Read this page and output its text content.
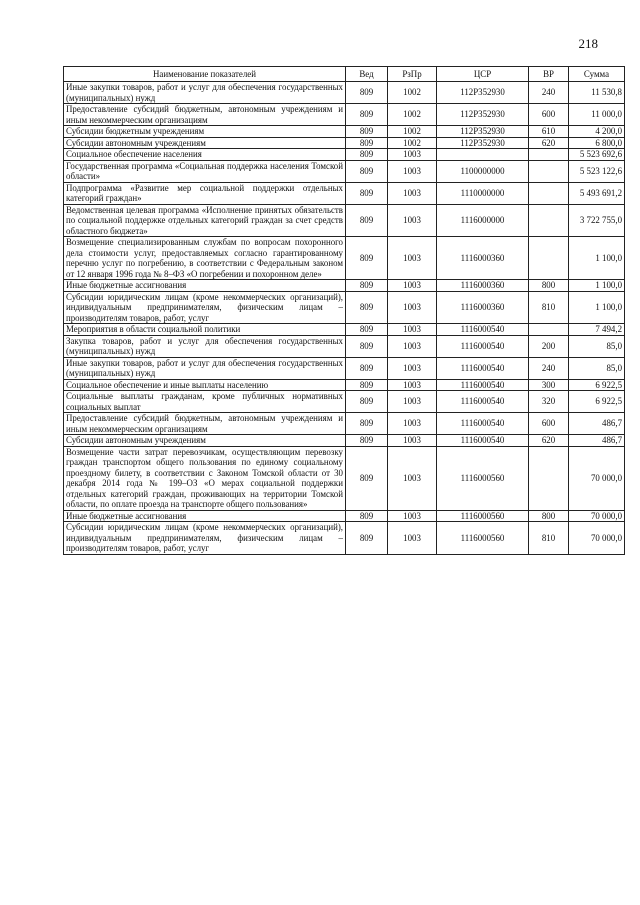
218
Наименование показателей	Вед	РзПр	ЦСР	ВР	Сумма
Иные закупки товаров, работ и услуг для обеспечения государственных (муниципальных) нужд	809	1002	112P352930	240	11 530,8
Предоставление субсидий бюджетным, автономным учреждениям и иным некоммерческим организациям	809	1002	112P352930	600	11 000,0
Субсидии бюджетным учреждениям	809	1002	112P352930	610	4 200,0
Субсидии автономным учреждениям	809	1002	112P352930	620	6 800,0
Социальное обеспечение населения	809	1003			5 523 692,6
Государственная программа «Социальная поддержка населения Томской области»	809	1003	1100000000		5 523 122,6
Подпрограмма «Развитие мер социальной поддержки отдельных категорий граждан»	809	1003	1110000000		5 493 691,2
Ведомственная целевая программа «Исполнение принятых обязательств по социальной поддержке отдельных категорий граждан за счет средств областного бюджета»	809	1003	1116000000		3 722 755,0
Возмещение специализированным службам по вопросам похоронного дела стоимости услуг, предоставляемых согласно гарантированному перечню услуг по погребению, в соответствии с Федеральным законом от 12 января 1996 года № 8–ФЗ «О погребении и похоронном деле»	809	1003	1116000360		1 100,0
Иные бюджетные ассигнования	809	1003	1116000360	800	1 100,0
Субсидии юридическим лицам (кроме некоммерческих организаций), индивидуальным предпринимателям, физическим лицам – производителям товаров, работ, услуг	809	1003	1116000360	810	1 100,0
Мероприятия в области социальной политики	809	1003	1116000540		7 494,2
Закупка товаров, работ и услуг для обеспечения государственных (муниципальных) нужд	809	1003	1116000540	200	85,0
Иные закупки товаров, работ и услуг для обеспечения государственных (муниципальных) нужд	809	1003	1116000540	240	85,0
Социальное обеспечение и иные выплаты населению	809	1003	1116000540	300	6 922,5
Социальные выплаты гражданам, кроме публичных нормативных социальных выплат	809	1003	1116000540	320	6 922,5
Предоставление субсидий бюджетным, автономным учреждениям и иным некоммерческим организациям	809	1003	1116000540	600	486,7
Субсидии автономным учреждениям	809	1003	1116000540	620	486,7
Возмещение части затрат перевозчикам, осуществляющим перевозку граждан транспортом общего пользования по единому социальному проездному билету, в соответствии с Законом Томской области от 30 декабря 2014 года № 199–ОЗ «О мерах социальной поддержки отдельных категорий граждан, проживающих на территории Томской области, по оплате проезда на транспорте общего пользования»	809	1003	1116000560		70 000,0
Иные бюджетные ассигнования	809	1003	1116000560	800	70 000,0
Субсидии юридическим лицам (кроме некоммерческих организаций), индивидуальным предпринимателям, физическим лицам – производителям товаров, работ, услуг	809	1003	1116000560	810	70 000,0
